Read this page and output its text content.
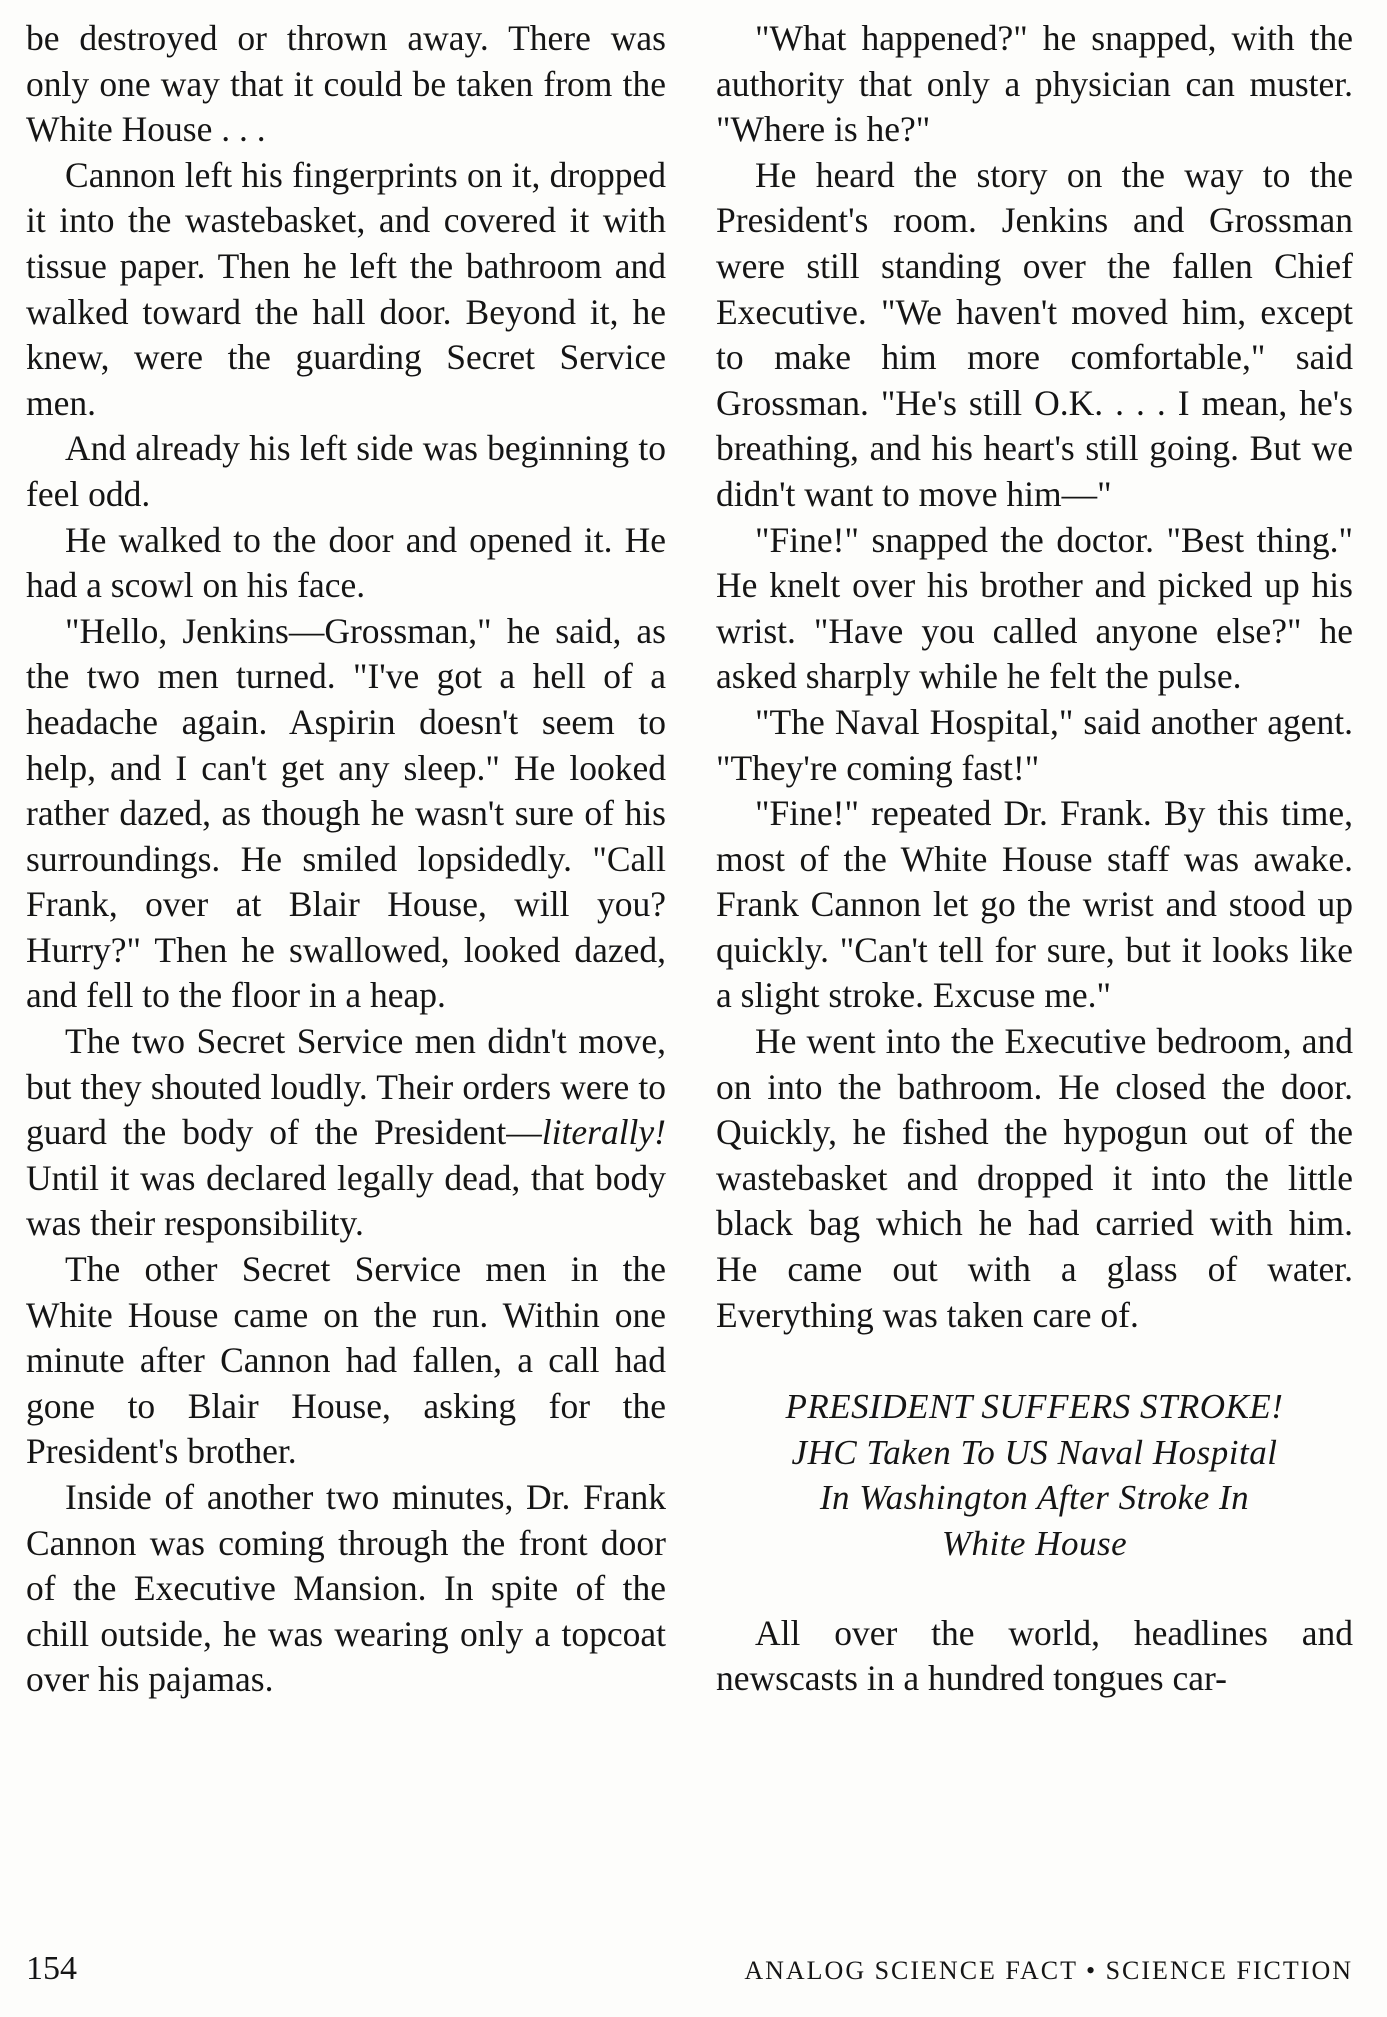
be destroyed or thrown away. There was only one way that it could be taken from the White House . . .

Cannon left his fingerprints on it, dropped it into the wastebasket, and covered it with tissue paper. Then he left the bathroom and walked toward the hall door. Beyond it, he knew, were the guarding Secret Service men.

And already his left side was beginning to feel odd.

He walked to the door and opened it. He had a scowl on his face.

"Hello, Jenkins—Grossman," he said, as the two men turned. "I've got a hell of a headache again. Aspirin doesn't seem to help, and I can't get any sleep." He looked rather dazed, as though he wasn't sure of his surroundings. He smiled lopsidedly. "Call Frank, over at Blair House, will you? Hurry?" Then he swallowed, looked dazed, and fell to the floor in a heap.

The two Secret Service men didn't move, but they shouted loudly. Their orders were to guard the body of the President—literally! Until it was declared legally dead, that body was their responsibility.

The other Secret Service men in the White House came on the run. Within one minute after Cannon had fallen, a call had gone to Blair House, asking for the President's brother.

Inside of another two minutes, Dr. Frank Cannon was coming through the front door of the Executive Mansion. In spite of the chill outside, he was wearing only a topcoat over his pajamas.

"What happened?" he snapped, with the authority that only a physician can muster. "Where is he?"

He heard the story on the way to the President's room. Jenkins and Grossman were still standing over the fallen Chief Executive. "We haven't moved him, except to make him more comfortable," said Grossman. "He's still O.K. . . . I mean, he's breathing, and his heart's still going. But we didn't want to move him—"

"Fine!" snapped the doctor. "Best thing." He knelt over his brother and picked up his wrist. "Have you called anyone else?" he asked sharply while he felt the pulse.

"The Naval Hospital," said another agent. "They're coming fast!"

"Fine!" repeated Dr. Frank. By this time, most of the White House staff was awake. Frank Cannon let go the wrist and stood up quickly. "Can't tell for sure, but it looks like a slight stroke. Excuse me."

He went into the Executive bedroom, and on into the bathroom. He closed the door. Quickly, he fished the hypogun out of the wastebasket and dropped it into the little black bag which he had carried with him. He came out with a glass of water. Everything was taken care of.

PRESIDENT SUFFERS STROKE!
JHC Taken To US Naval Hospital
In Washington After Stroke In
White House

All over the world, headlines and newscasts in a hundred tongues car-

154	ANALOG SCIENCE FACT • SCIENCE FICTION
